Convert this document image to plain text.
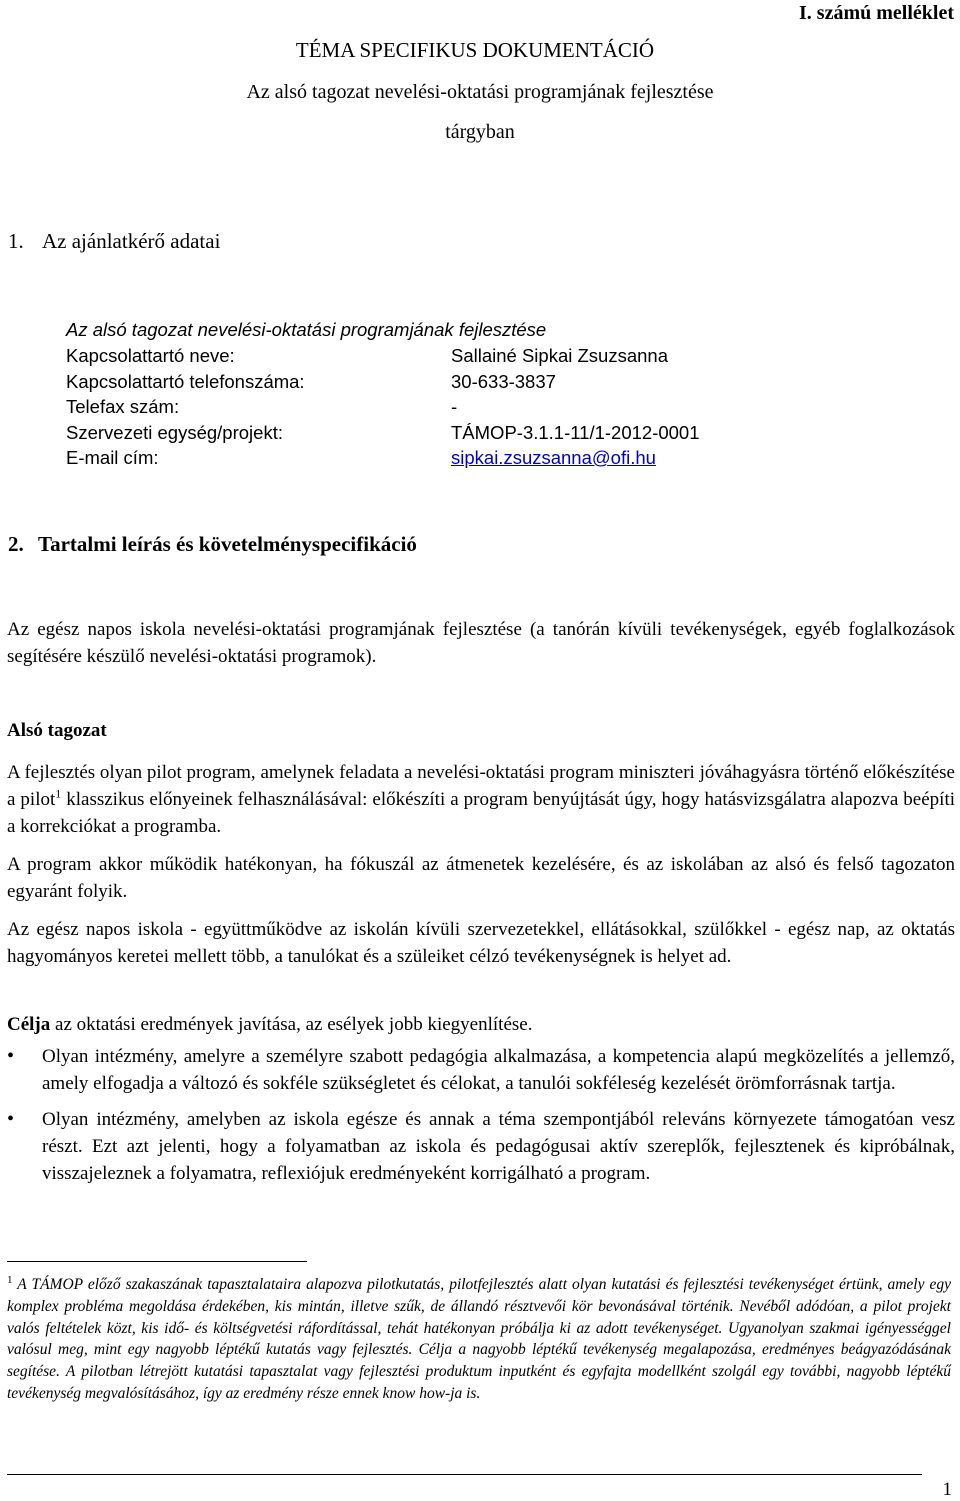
I. számú melléklet
TÉMA SPECIFIKUS DOKUMENTÁCIÓ
Az alsó tagozat nevelési-oktatási programjának fejlesztése
tárgyban
1. Az ajánlatkérő adatai
Az alsó tagozat nevelési-oktatási programjának fejlesztése
Kapcsolattartó neve:	Sallainé Sipkai Zsuzsanna
Kapcsolattartó telefonszáma:	30-633-3837
Telefax szám:	-
Szervezeti egység/projekt:	TÁMOP-3.1.1-11/1-2012-0001
E-mail cím:	sipkai.zsuzsanna@ofi.hu
2. Tartalmi leírás és követelményspecifikáció
Az egész napos iskola nevelési-oktatási programjának fejlesztése (a tanórán kívüli tevékenységek, egyéb foglalkozások segítésére készülő nevelési-oktatási programok).
Alsó tagozat
A fejlesztés olyan pilot program, amelynek feladata a nevelési-oktatási program miniszteri jóváhagyásra történő előkészítése a pilot$^1$ klasszikus előnyeinek felhasználásával: előkészíti a program benyújtását úgy, hogy hatásvizsgálatra alapozva beépíti a korrekciókat a programba.
A program akkor működik hatékonyan, ha fókuszál az átmenetek kezelésére, és az iskolában az alsó és felső tagozaton egyaránt folyik.
Az egész napos iskola - együttműködve az iskolán kívüli szervezetekkel, ellátásokkal, szülőkkel - egész nap, az oktatás hagyományos keretei mellett több, a tanulókat és a szüleiket célzó tevékenységnek is helyet ad.
Célja az oktatási eredmények javítása, az esélyek jobb kiegyenlítése.
• Olyan intézmény, amelyre a személyre szabott pedagógia alkalmazása, a kompetencia alapú megközelítés a jellemző, amely elfogadja a változó és sokféle szükségletet és célokat, a tanulói sokféleség kezelését örömforrásnak tartja.
• Olyan intézmény, amelyben az iskola egésze és annak a téma szempontjából releváns környezete támogatóan vesz részt. Ezt azt jelenti, hogy a folyamatban az iskola és pedagógusai aktív szereplők, fejlesztenek és kipróbálnak, visszajeleznek a folyamatra, reflexiójuk eredményeként korrigálható a program.
$^1$ A TÁMOP előző szakaszának tapasztalataira alapozva pilotkutatás, pilotfejlesztés alatt olyan kutatási és fejlesztési tevékenységet értünk, amely egy komplex probléma megoldása érdekében, kis mintán, illetve szűk, de állandó résztvevői kör bevonásával történik. Nevéből adódóan, a pilot projekt valós feltételek közt, kis idő- és költségvetési ráfordítással, tehát hatékonyan próbálja ki az adott tevékenységet. Ugyanolyan szakmai igényességgel valósul meg, mint egy nagyobb léptékű kutatás vagy fejlesztés. Célja a nagyobb léptékű tevékenység megalapozása, eredményes beágyazódásának segítése. A pilotban létrejött kutatási tapasztalat vagy fejlesztési produktum inputként és egyfajta modellként szolgál egy további, nagyobb léptékű tevékenység megvalósításához, így az eredmény része ennek know how-ja is.
1
